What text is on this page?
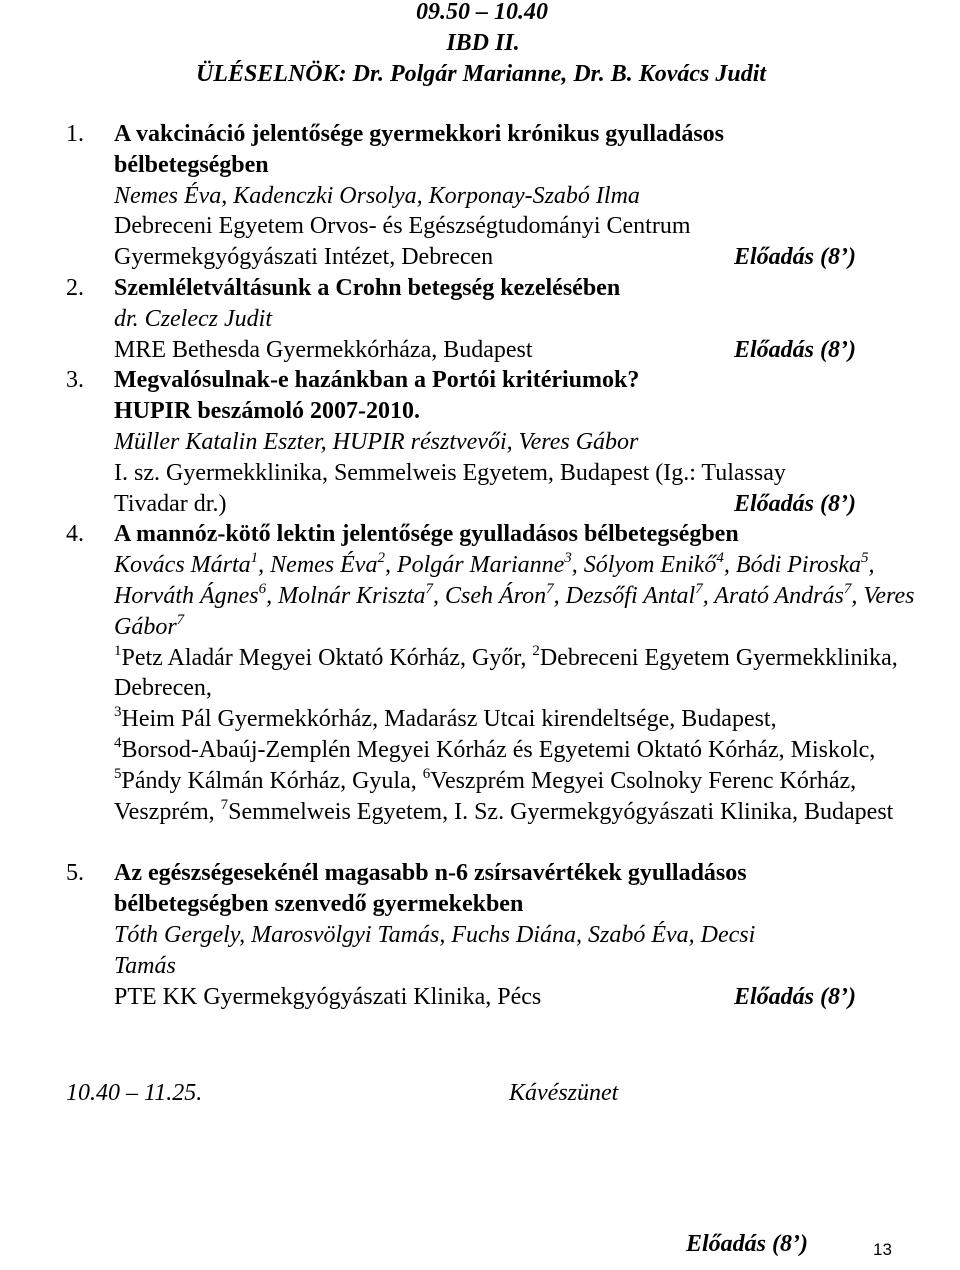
09.50 – 10.40
IBD II.
ÜLÉSELNÖK: Dr. Polgár Marianne, Dr. B. Kovács Judit
1. A vakcináció jelentősége gyermekkori krónikus gyulladásos
bélbetegségben
Nemes Éva, Kadenczki Orsolya, Korponay-Szabó Ilma
Debreceni Egyetem Orvos- és Egészségtudományi Centrum
Gyermekgyógyászati Intézet, Debrecen	Előadás (8’)
2. Szemléletváltásunk a Crohn betegség kezelésében
dr. Czelecz Judit
MRE Bethesda Gyermekkórháza, Budapest	Előadás (8’)
3. Megvalósulnak-e hazánkban a Portói kritériumok?
HUPIR beszámoló 2007-2010.
Müller Katalin Eszter, HUPIR résztvevői, Veres Gábor
I. sz. Gyermekklinika, Semmelweis Egyetem, Budapest (Ig.: Tulassay
Tivadar dr.)	Előadás (8’)
4. A mannóz-kötő lektin jelentősége gyulladásos bélbetegségben
Kovács Márta$^1$, Nemes Éva$^2$, Polgár Marianne$^3$, Sólyom Enikő$^4$, Bódi Piroska$^5$, Horváth Ágnes$^6$, Molnár Kriszta$^7$, Cseh Áron$^7$, Dezsőfi Antal$^7$, Arató András$^7$, Veres Gábor$^7$
$^1$Petz Aladár Megyei Oktató Kórház, Győr, $^2$Debreceni Egyetem Gyermekklinika, Debrecen,
$^3$Heim Pál Gyermekkórház, Madarász Utcai kirendeltsége, Budapest,
$^4$Borsod-Abaúj-Zemplén Megyei Kórház és Egyetemi Oktató Kórház, Miskolc, $^5$Pándy Kálmán Kórház, Gyula, $^6$Veszprém Megyei Csolnoky Ferenc Kórház, Veszprém, $^7$Semmelweis Egyetem, I. Sz. Gyermekgyógyászati Klinika, Budapest
Előadás (8’)
5. Az egészségesekénél magasabb n-6 zsírsavértékek gyulladásos
bélbetegségben szenvedő gyermekekben
Tóth Gergely, Marosvölgyi Tamás, Fuchs Diána, Szabó Éva, Decsi
Tamás
PTE KK Gyermekgyógyászati Klinika, Pécs	Előadás (8’)
10.40 – 11.25.	Kávészünet
13
